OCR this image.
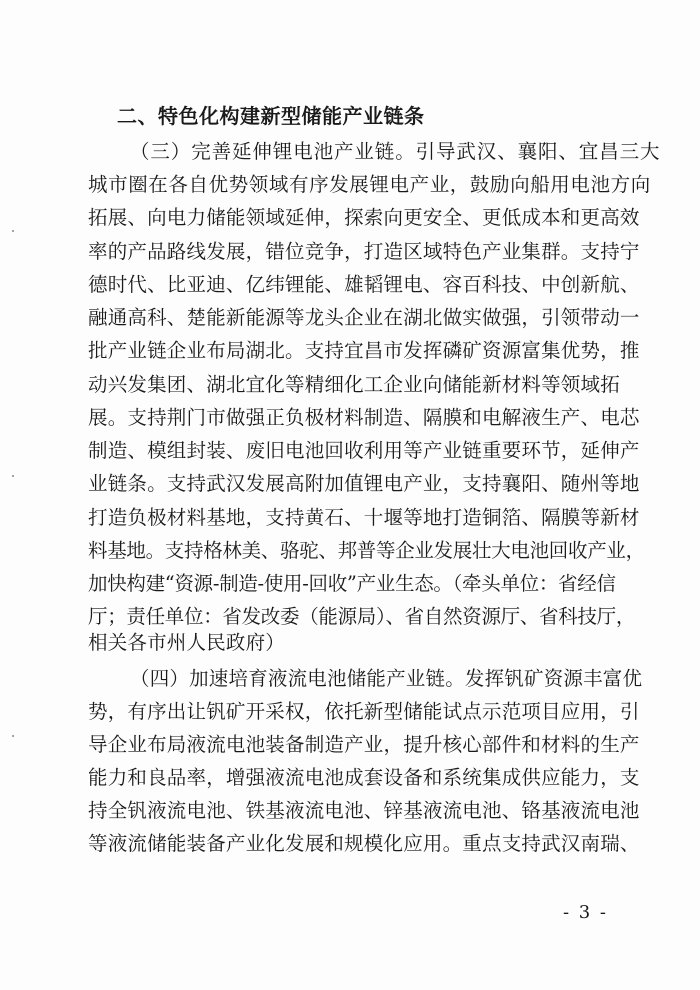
二、特色化构建新型储能产业链条
（三）完善延伸锂电池产业链。引导武汉、襄阳、宜昌三大
城市圈在各自优势领域有序发展锂电产业，鼓励向船用电池方向
拓展、向电力储能领域延伸，探索向更安全、更低成本和更高效
率的产品路线发展，错位竞争，打造区域特色产业集群。支持宁
德时代、比亚迪、亿纬锂能、雄韬锂电、容百科技、中创新航、
融通高科、楚能新能源等龙头企业在湖北做实做强，引领带动一
批产业链企业布局湖北。支持宜昌市发挥磷矿资源富集优势，推
动兴发集团、湖北宜化等精细化工企业向储能新材料等领域拓
展。支持荆门市做强正负极材料制造、隔膜和电解液生产、电芯
制造、模组封装、废旧电池回收利用等产业链重要环节，延伸产
业链条。支持武汉发展高附加值锂电产业，支持襄阳、随州等地
打造负极材料基地，支持黄石、十堰等地打造铜箔、隔膜等新材
料基地。支持格林美、骆驼、邦普等企业发展壮大电池回收产业，
加快构建“资源-制造-使用-回收”产业生态。（牵头单位：省经信
厅；责任单位：省发改委（能源局）、省自然资源厅、省科技厅，
相关各市州人民政府）
（四）加速培育液流电池储能产业链。发挥钒矿资源丰富优
势，有序出让钒矿开采权，依托新型储能试点示范项目应用，引
导企业布局液流电池装备制造产业，提升核心部件和材料的生产
能力和良品率，增强液流电池成套设备和系统集成供应能力，支
持全钒液流电池、铁基液流电池、锌基液流电池、铬基液流电池
等液流储能装备产业化发展和规模化应用。重点支持武汉南瑞、
- 3 -
